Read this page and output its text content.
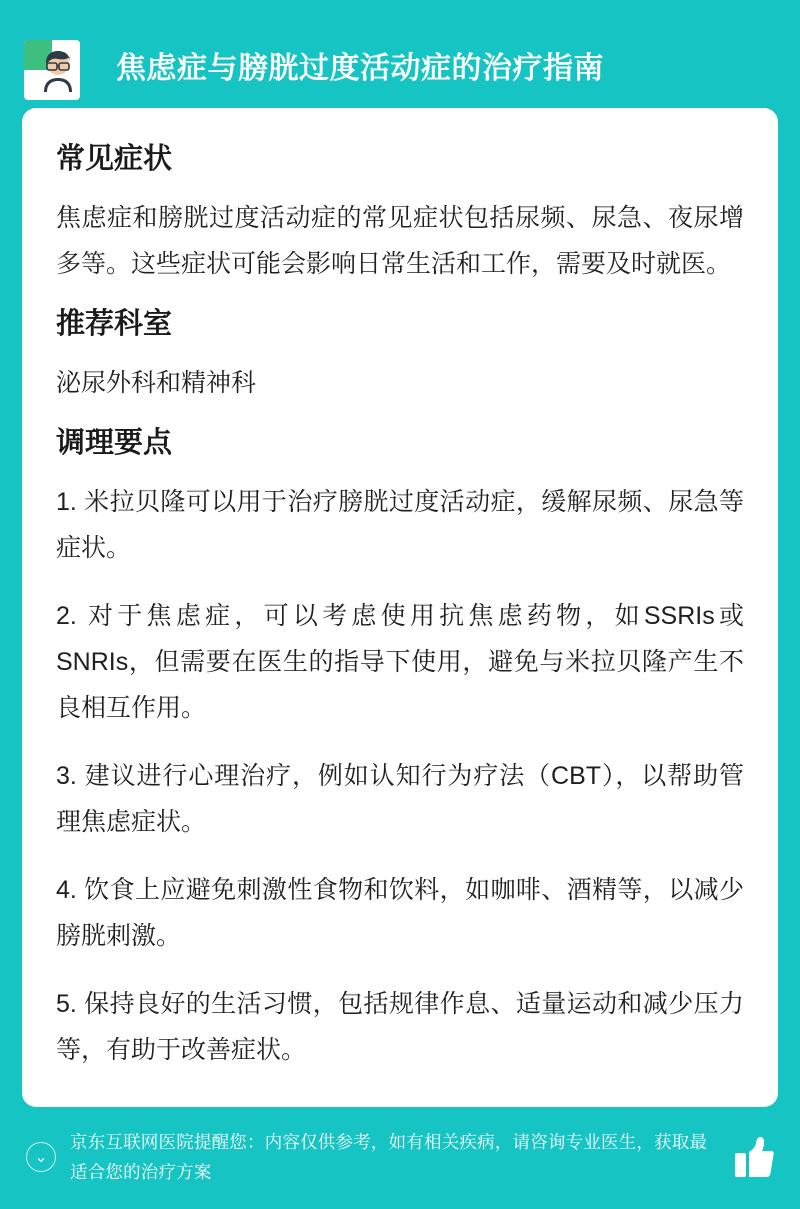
焦虑症与膀胱过度活动症的治疗指南
常见症状

焦虑症和膀胱过度活动症的常见症状包括尿频、尿急、夜尿增多等。这些症状可能会影响日常生活和工作，需要及时就医。

推荐科室

泌尿外科和精神科

调理要点

1. 米拉贝隆可以用于治疗膀胱过度活动症，缓解尿频、尿急等症状。

2. 对于焦虑症，可以考虑使用抗焦虑药物，如SSRIs或SNRIs，但需要在医生的指导下使用，避免与米拉贝隆产生不良相互作用。

3. 建议进行心理治疗，例如认知行为疗法（CBT），以帮助管理焦虑症状。

4. 饮食上应避免刺激性食物和饮料，如咖啡、酒精等，以减少膀胱刺激。

5. 保持良好的生活习惯，包括规律作息、适量运动和减少压力等，有助于改善症状。

⌄
京东互联网医院提醒您：内容仅供参考，如有相关疾病，请咨询专业医生，获取最适合您的治疗方案
